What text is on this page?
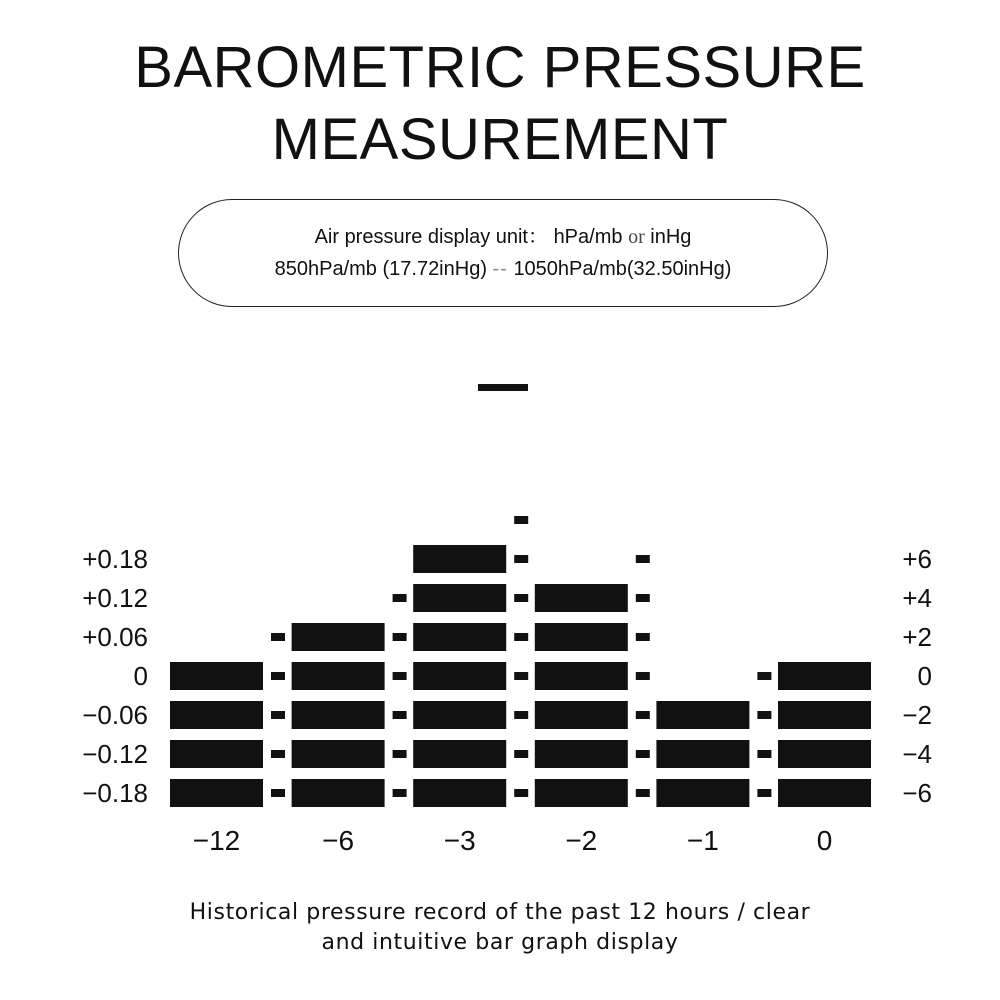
BAROMETRIC PRESSURE
MEASUREMENT
Air pressure display unit： hPa/mb or inHg
850hPa/mb (17.72inHg) -- 1050hPa/mb(32.50inHg)
−12	−6	−3	−2	−1	0
+0.18	+6
+0.12	+4
+0.06	+2
0	0
−0.06	−2
−0.12	−4
−0.18	−6
Historical pressure record of the past 12 hours / clear
and intuitive bar graph display
